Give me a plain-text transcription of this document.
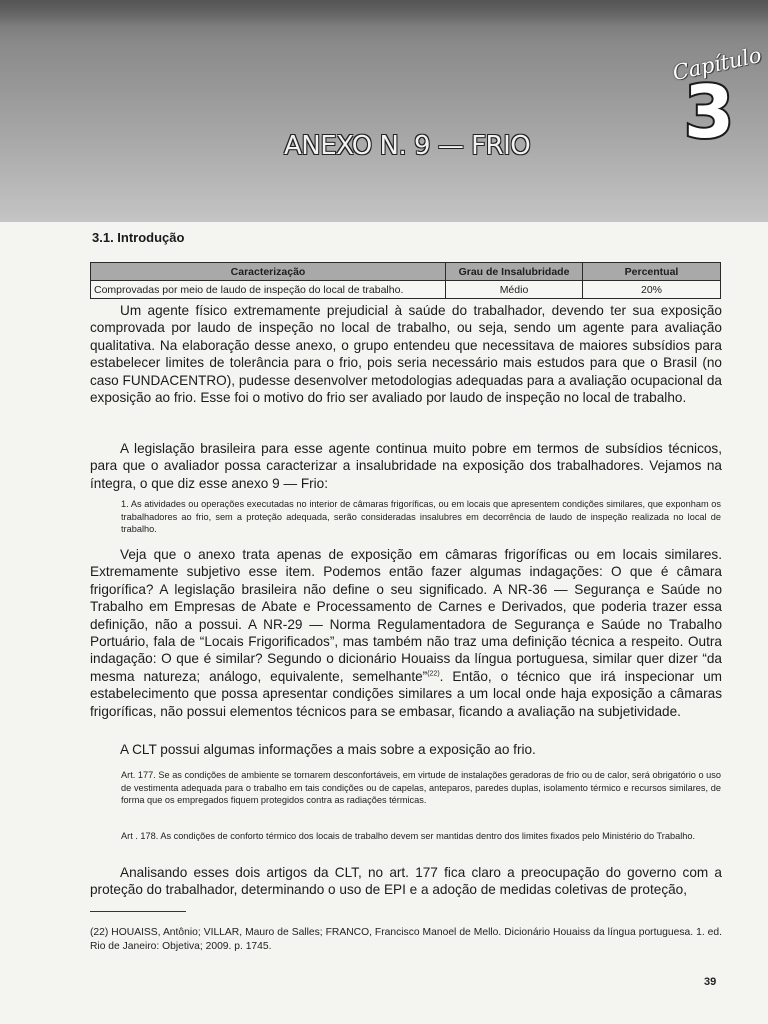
Capítulo
3
ANEXO N. 9 — FRIO
3.1. Introdução
Caracterização	Grau de Insalubridade	Percentual
Comprovadas por meio de laudo de inspeção do local de trabalho.	Médio	20%

Um agente físico extremamente prejudicial à saúde do trabalhador, devendo ter sua exposição comprovada por laudo de inspeção no local de trabalho, ou seja, sendo um agente para avaliação qualitativa. Na elaboração desse anexo, o grupo entendeu que necessitava de maiores subsídios para estabelecer limites de tolerância para o frio, pois seria necessário mais estudos para que o Brasil (no caso FUNDACENTRO), pudesse desenvolver metodologias adequadas para a avaliação ocupacional da exposição ao frio. Esse foi o motivo do frio ser avaliado por laudo de inspeção no local de trabalho.

A legislação brasileira para esse agente continua muito pobre em termos de subsídios técnicos, para que o avaliador possa caracterizar a insalubridade na exposição dos trabalhadores. Vejamos na íntegra, o que diz esse anexo 9 — Frio:

1. As atividades ou operações executadas no interior de câmaras frigoríficas, ou em locais que apresentem condições similares, que exponham os trabalhadores ao frio, sem a proteção adequada, serão consideradas insalubres em decorrência de laudo de inspeção realizada no local de trabalho.

Veja que o anexo trata apenas de exposição em câmaras frigoríficas ou em locais similares. Extremamente subjetivo esse item. Podemos então fazer algumas indagações: O que é câmara frigorífica? A legislação brasileira não define o seu significado. A NR-36 — Segurança e Saúde no Trabalho em Empresas de Abate e Processamento de Carnes e Derivados, que poderia trazer essa definição, não a possui. A NR-29 — Norma Regulamentadora de Segurança e Saúde no Trabalho Portuário, fala de “Locais Frigorificados”, mas também não traz uma definição técnica a respeito. Outra indagação: O que é similar? Segundo o dicionário Houaiss da língua portuguesa, similar quer dizer “da mesma natureza; análogo, equivalente, semelhante”$^{(22)}$. Então, o técnico que irá inspecionar um estabelecimento que possa apresentar condições similares a um local onde haja exposição a câmaras frigoríficas, não possui elementos técnicos para se embasar, ficando a avaliação na subjetividade.

A CLT possui algumas informações a mais sobre a exposição ao frio.

Art. 177. Se as condições de ambiente se tornarem desconfortáveis, em virtude de instalações geradoras de frio ou de calor, será obrigatório o uso de vestimenta adequada para o trabalho em tais condições ou de capelas, anteparos, paredes duplas, isolamento térmico e recursos similares, de forma que os empregados fiquem protegidos contra as radiações térmicas.

Art . 178. As condições de conforto térmico dos locais de trabalho devem ser mantidas dentro dos limites fixados pelo Ministério do Trabalho.

Analisando esses dois artigos da CLT, no art. 177 fica claro a preocupação do governo com a proteção do trabalhador, determinando o uso de EPI e a adoção de medidas coletivas de proteção,

(22) HOUAISS, Antônio; VILLAR, Mauro de Salles; FRANCO, Francisco Manoel de Mello. Dicionário Houaiss da língua portuguesa. 1. ed. Rio de Janeiro: Objetiva; 2009. p. 1745.

39
